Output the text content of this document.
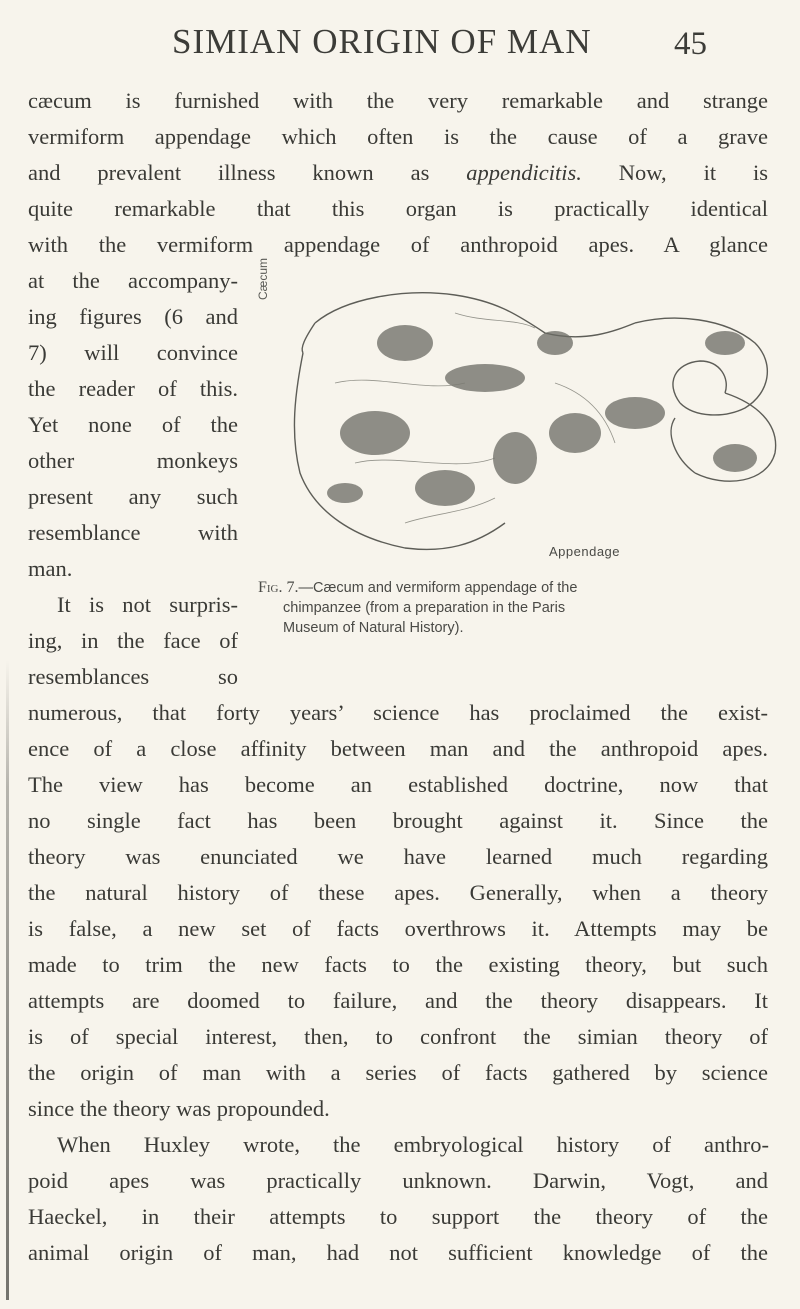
SIMIAN ORIGIN OF MAN 45
cæcum is furnished with the very remarkable and strange
vermiform appendage which often is the cause of a grave
and prevalent illness known as appendicitis. Now, it is
quite remarkable that this organ is practically identical
with the vermiform appendage of anthropoid apes. A glance
at the accompany-
ing figures (6 and
7) will convince
the reader of this.
Yet none of the
other monkeys
present any such
resemblance with
man.
It is not surpris-
ing, in the face of
resemblances so
Cæcum
Appendage
Fig. 7.—Cæcum and vermiform appendage of the
chimpanzee (from a preparation in the Paris
Museum of Natural History).
numerous, that forty years’ science has proclaimed the exist-
ence of a close affinity between man and the anthropoid apes.
The view has become an established doctrine, now that
no single fact has been brought against it. Since the
theory was enunciated we have learned much regarding
the natural history of these apes. Generally, when a theory
is false, a new set of facts overthrows it. Attempts may be
made to trim the new facts to the existing theory, but such
attempts are doomed to failure, and the theory disappears. It
is of special interest, then, to confront the simian theory of
the origin of man with a series of facts gathered by science
since the theory was propounded.
When Huxley wrote, the embryological history of anthro-
poid apes was practically unknown. Darwin, Vogt, and
Haeckel, in their attempts to support the theory of the
animal origin of man, had not sufficient knowledge of the
